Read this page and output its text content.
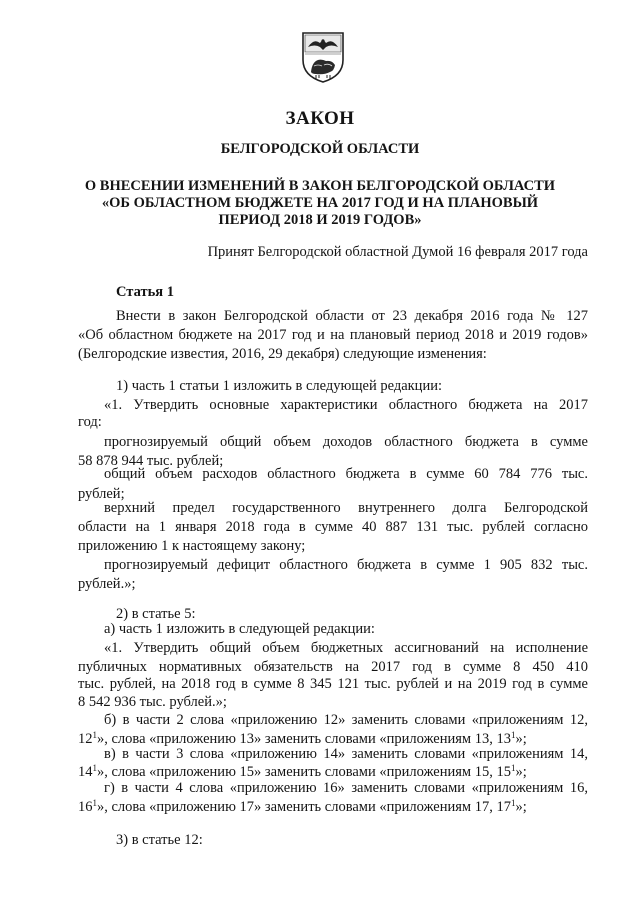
ЗАКОН
БЕЛГОРОДСКОЙ ОБЛАСТИ
О ВНЕСЕНИИ ИЗМЕНЕНИЙ В ЗАКОН БЕЛГОРОДСКОЙ ОБЛАСТИ
«ОБ ОБЛАСТНОМ БЮДЖЕТЕ НА 2017 ГОД И НА ПЛАНОВЫЙ
ПЕРИОД 2018 И 2019 ГОДОВ»
Принят Белгородской областной Думой 16 февраля 2017 года
Статья 1
Внести в закон Белгородской области от 23 декабря 2016 года № 127
«Об областном бюджете на 2017 год и на плановый период 2018 и 2019 годов»
(Белгородские известия, 2016, 29 декабря) следующие изменения:
1) часть 1 статьи 1 изложить в следующей редакции:
«1. Утвердить основные характеристики областного бюджета на 2017
год:
прогнозируемый общий объем доходов областного бюджета в сумме
58 878 944 тыс. рублей;
общий объем расходов областного бюджета в сумме 60 784 776 тыс.
рублей;
верхний предел государственного внутреннего долга Белгородской
области на 1 января 2018 года в сумме 40 887 131 тыс. рублей согласно
приложению 1 к настоящему закону;
прогнозируемый дефицит областного бюджета в сумме 1 905 832 тыс.
рублей.»;
2) в статье 5:
а) часть 1 изложить в следующей редакции:
«1. Утвердить общий объем бюджетных ассигнований на исполнение
публичных нормативных обязательств на 2017 год в сумме 8 450 410
тыс. рублей, на 2018 год в сумме 8 345 121 тыс. рублей и на 2019 год в сумме
8 542 936 тыс. рублей.»;
б) в части 2 слова «приложению 12» заменить словами «приложениям 12,
$12^1$», слова «приложению 13» заменить словами «приложениям 13, $13^1$»;
в) в части 3 слова «приложению 14» заменить словами «приложениям 14,
$14^1$», слова «приложению 15» заменить словами «приложениям 15, $15^1$»;
г) в части 4 слова «приложению 16» заменить словами «приложениям 16,
$16^1$», слова «приложению 17» заменить словами «приложениям 17, $17^1$»;
3) в статье 12:
